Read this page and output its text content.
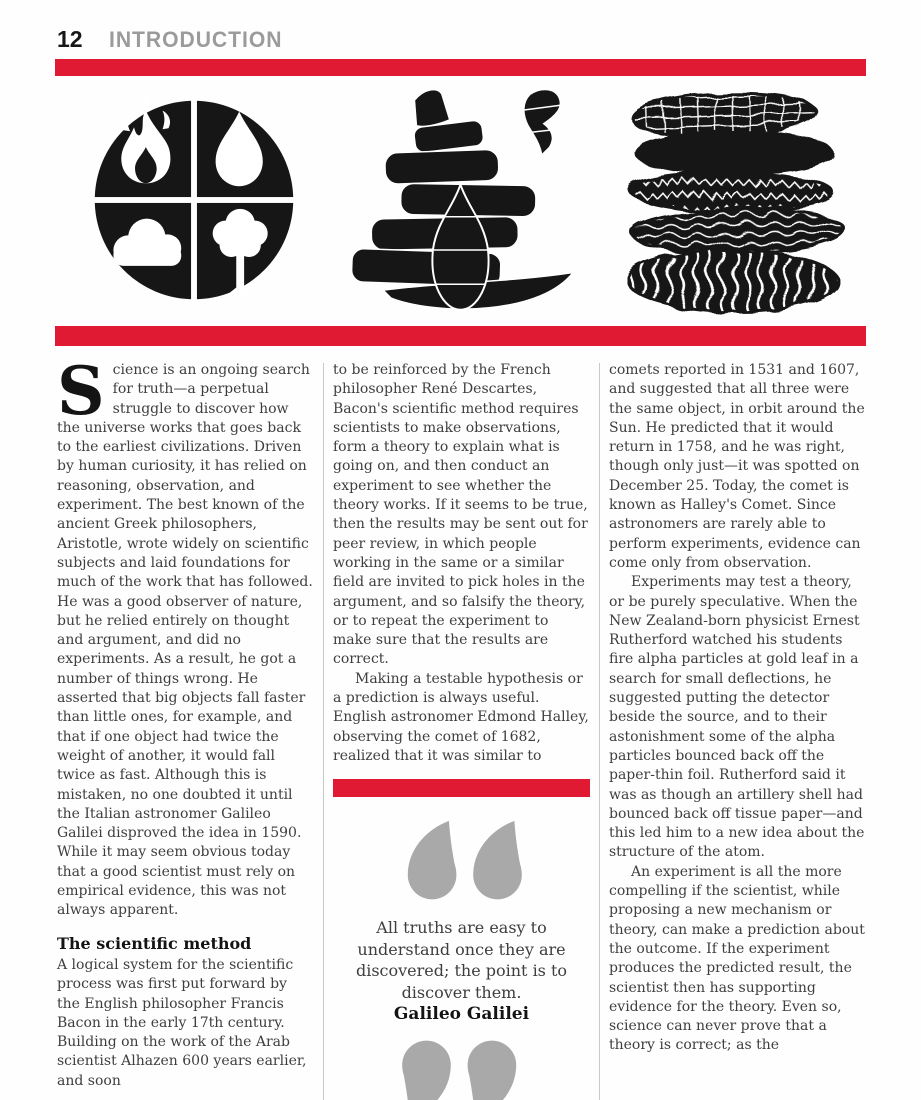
12 INTRODUCTION

Science is an ongoing search for truth—a perpetual struggle to discover how the universe works that goes back to the earliest civilizations. Driven by human curiosity, it has relied on reasoning, observation, and experiment. The best known of the ancient Greek philosophers, Aristotle, wrote widely on scientific subjects and laid foundations for much of the work that has followed. He was a good observer of nature, but he relied entirely on thought and argument, and did no experiments. As a result, he got a number of things wrong. He asserted that big objects fall faster than little ones, for example, and that if one object had twice the weight of another, it would fall twice as fast. Although this is mistaken, no one doubted it until the Italian astronomer Galileo Galilei disproved the idea in 1590. While it may seem obvious today that a good scientist must rely on empirical evidence, this was not always apparent.

The scientific method

A logical system for the scientific process was first put forward by the English philosopher Francis Bacon in the early 17th century. Building on the work of the Arab scientist Alhazen 600 years earlier, and soon

to be reinforced by the French philosopher René Descartes, Bacon's scientific method requires scientists to make observations, form a theory to explain what is going on, and then conduct an experiment to see whether the theory works. If it seems to be true, then the results may be sent out for peer review, in which people working in the same or a similar field are invited to pick holes in the argument, and so falsify the theory, or to repeat the experiment to make sure that the results are correct.

Making a testable hypothesis or a prediction is always useful. English astronomer Edmond Halley, observing the comet of 1682, realized that it was similar to

All truths are easy to understand once they are discovered; the point is to discover them.
Galileo Galilei

comets reported in 1531 and 1607, and suggested that all three were the same object, in orbit around the Sun. He predicted that it would return in 1758, and he was right, though only just—it was spotted on December 25. Today, the comet is known as Halley's Comet. Since astronomers are rarely able to perform experiments, evidence can come only from observation.

Experiments may test a theory, or be purely speculative. When the New Zealand-born physicist Ernest Rutherford watched his students fire alpha particles at gold leaf in a search for small deflections, he suggested putting the detector beside the source, and to their astonishment some of the alpha particles bounced back off the paper-thin foil. Rutherford said it was as though an artillery shell had bounced back off tissue paper—and this led him to a new idea about the structure of the atom.

An experiment is all the more compelling if the scientist, while proposing a new mechanism or theory, can make a prediction about the outcome. If the experiment produces the predicted result, the scientist then has supporting evidence for the theory. Even so, science can never prove that a theory is correct; as the
